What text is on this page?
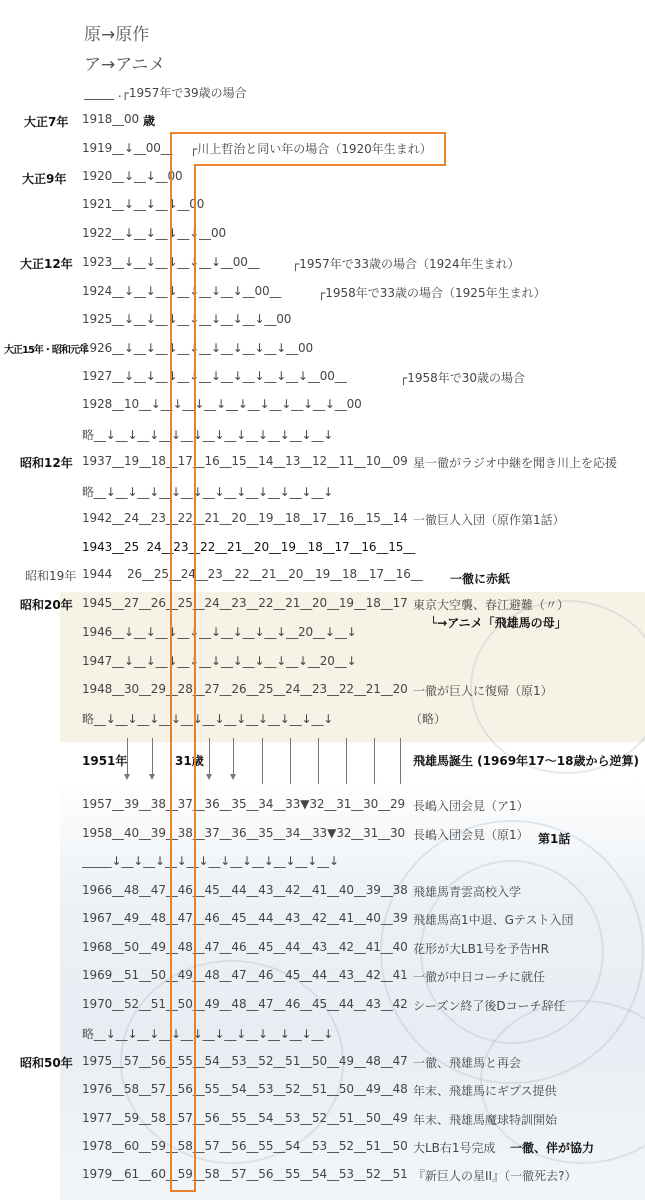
原→原作
ア→アニメ
_____ .┌1957年で39歳の場合
大正7年
大正9年
大正12年
大正15年・昭和元年
昭和12年
昭和19年
昭和20年
昭和50年
1918__00 歳
1919__↓__00__
1920__↓__↓__00
1921__↓__↓__↓__00
1922__↓__↓__↓__↓__00
1923__↓__↓__↓__↓__↓__00__
1924__↓__↓__↓__↓__↓__↓__00__
1925__↓__↓__↓__↓__↓__↓__↓__00
1926__↓__↓__↓__↓__↓__↓__↓__↓__00
1927__↓__↓__↓__↓__↓__↓__↓__↓__↓__00__
1928__10__↓__↓__↓__↓__↓__↓__↓__↓__↓__00
略__↓__↓__↓__↓__↓__↓__↓__↓__↓__↓__↓
1937__19__18__17__16__15__14__13__12__11__10__09
略__↓__↓__↓__↓__↓__↓__↓__↓__↓__↓__↓
1942__24__23__22__21__20__19__18__17__16__15__14
1943__25  24__23__22__21__20__19__18__17__16__15__
1944    26__25__24__23__22__21__20__19__18__17__16__
1945__27__26__25__24__23__22__21__20__19__18__17
1946__↓__↓__↓__↓__↓__↓__↓__↓__20__↓__↓
1947__↓__↓__↓__↓__↓__↓__↓__↓__↓__20__↓
1948__30__29__28__27__26__25__24__23__22__21__20
略__↓__↓__↓__↓__↓__↓__↓__↓__↓__↓__↓
1951年	31歳
1957__39__38__37__36__35__34__33▼32__31__30__29
1958__40__39__38__37__36__35__34__33▼32__31__30
_____↓__↓__↓__↓__↓__↓__↓__↓__↓__↓__↓
1966__48__47__46__45__44__43__42__41__40__39__38
1967__49__48__47__46__45__44__43__42__41__40__39
1968__50__49__48__47__46__45__44__43__42__41__40
1969__51__50__49__48__47__46__45__44__43__42__41
1970__52__51__50__49__48__47__46__45__44__43__42
略__↓__↓__↓__↓__↓__↓__↓__↓__↓__↓__↓
1975__57__56__55__54__53__52__51__50__49__48__47
1976__58__57__56__55__54__53__52__51__50__49__48
1977__59__58__57__56__55__54__53__52__51__50__49
1978__60__59__58__57__56__55__54__53__52__51__50
1979__61__60__59__58__57__56__55__54__53__52__51
┌川上哲治と同い年の場合（1920年生まれ）
┌1957年で33歳の場合（1924年生まれ）
┌1958年で33歳の場合（1925年生まれ）
┌1958年で30歳の場合
星一徹がラジオ中継を聞き川上を応援
一徹巨人入団（原作第1話）
一徹に赤紙
東京大空襲、春江避難（〃）
└→アニメ「飛雄馬の母」
一徹が巨人に復帰（原1）
（略）
飛雄馬誕生 (1969年17〜18歳から逆算)
長嶋入団会見（ア1）
長嶋入団会見（原1） 第1話
飛雄馬青雲高校入学
飛雄馬高1中退、Gテスト入団
花形が大LB1号を予告HR
一徹が中日コーチに就任
シーズン終了後Dコーチ辞任
一徹、飛雄馬と再会
年末、飛雄馬にギプス提供
年末、飛雄馬魔球特訓開始
大LB右1号完成 一徹、伴が協力
『新巨人の星II』（一徹死去?）
